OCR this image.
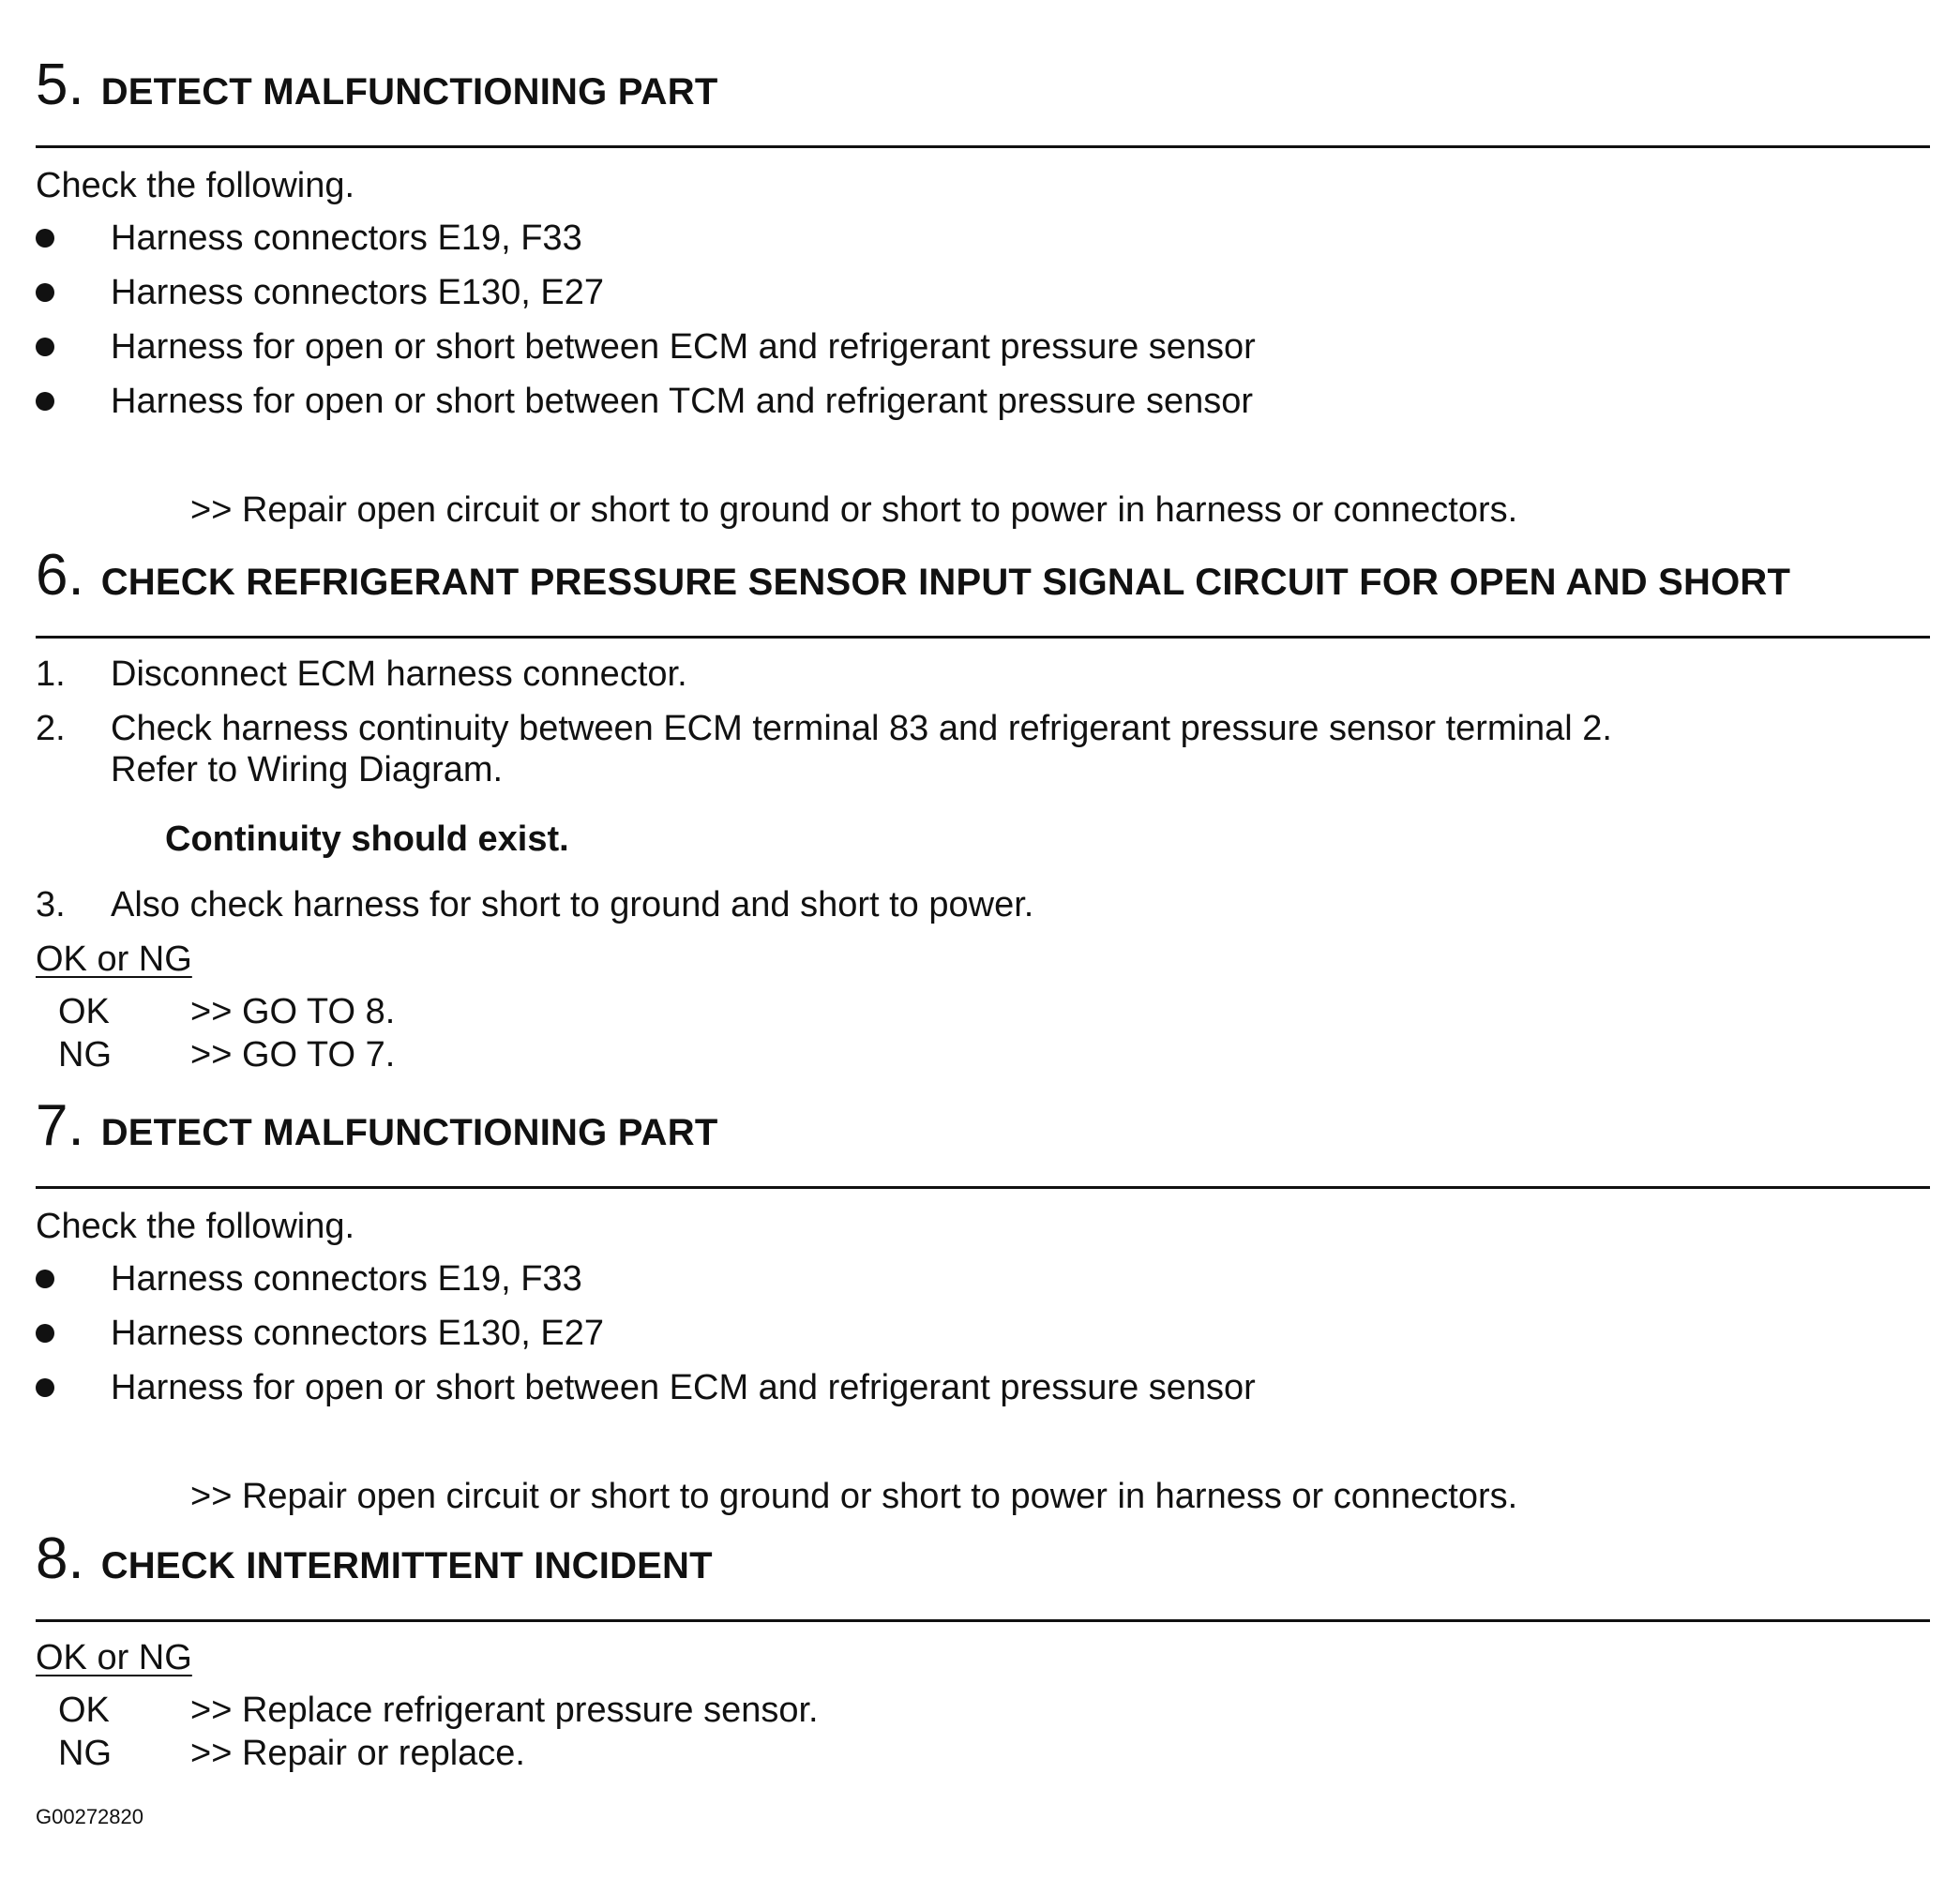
5. DETECT MALFUNCTIONING PART
Check the following.
Harness connectors E19, F33
Harness connectors E130, E27
Harness for open or short between ECM and refrigerant pressure sensor
Harness for open or short between TCM and refrigerant pressure sensor
>> Repair open circuit or short to ground or short to power in harness or connectors.
6. CHECK REFRIGERANT PRESSURE SENSOR INPUT SIGNAL CIRCUIT FOR OPEN AND SHORT
1. Disconnect ECM harness connector.
2. Check harness continuity between ECM terminal 83 and refrigerant pressure sensor terminal 2.
Refer to Wiring Diagram.
Continuity should exist.
3. Also check harness for short to ground and short to power.
OK or NG
OK >> GO TO 8.
NG >> GO TO 7.
7. DETECT MALFUNCTIONING PART
Check the following.
Harness connectors E19, F33
Harness connectors E130, E27
Harness for open or short between ECM and refrigerant pressure sensor
>> Repair open circuit or short to ground or short to power in harness or connectors.
8. CHECK INTERMITTENT INCIDENT
OK or NG
OK >> Replace refrigerant pressure sensor.
NG >> Repair or replace.
G00272820
